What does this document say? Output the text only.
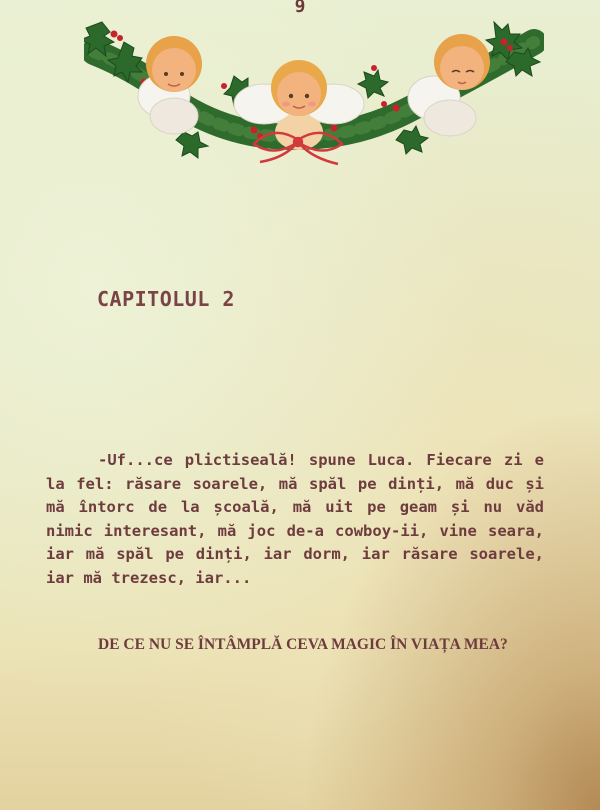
9
CAPITOLUL 2

-Uf...ce plictiseală! spune Luca. Fiecare zi e la fel: răsare soarele, mă spăl pe dinți, mă duc și mă întorc de la școală, mă uit pe geam și nu văd nimic interesant, mă joc de-a cowboy-ii, vine seara, iar mă spăl pe dinți, iar dorm, iar răsare soarele, iar mă trezesc, iar...

DE CE NU SE ÎNTÂMPLĂ CEVA MAGIC ÎN VIAȚA MEA?
